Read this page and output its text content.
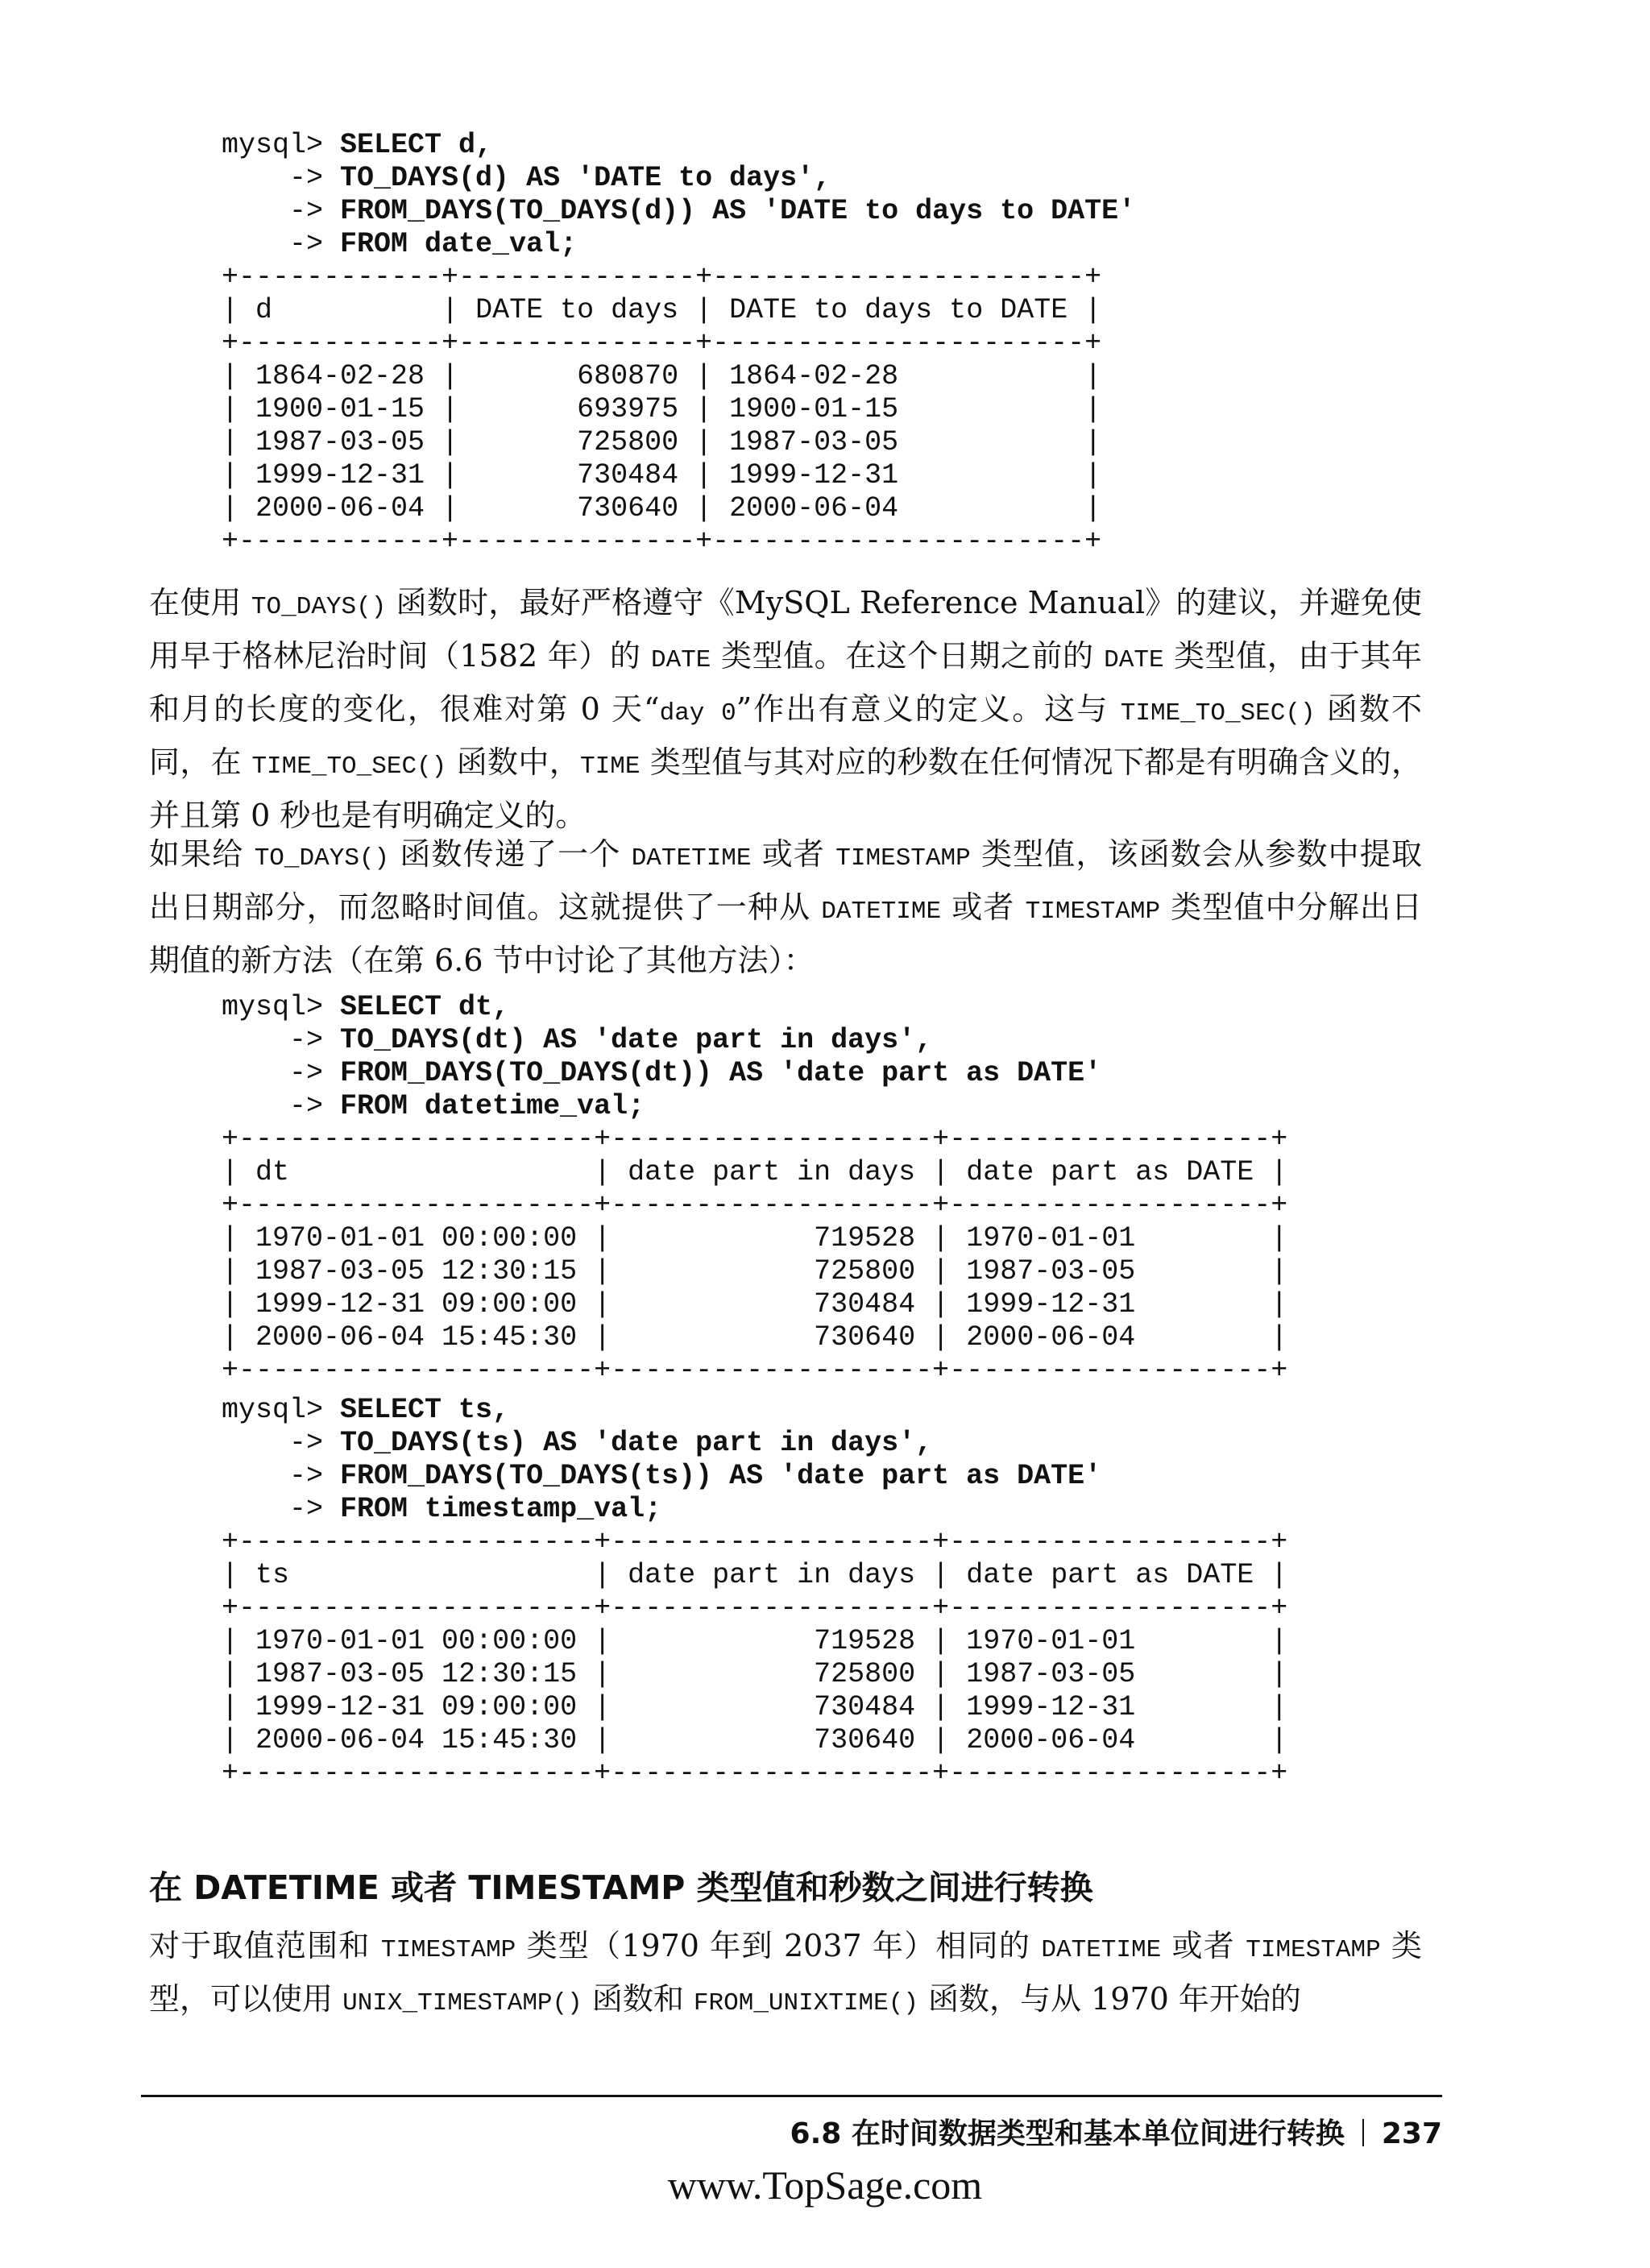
mysql> SELECT d,
-> TO_DAYS(d) AS 'DATE to days',
-> FROM_DAYS(TO_DAYS(d)) AS 'DATE to days to DATE'
-> FROM date_val;
+------------+--------------+----------------------+
| d          | DATE to days | DATE to days to DATE |
+------------+--------------+----------------------+
| 1864-02-28 |       680870 | 1864-02-28           |
| 1900-01-15 |       693975 | 1900-01-15           |
| 1987-03-05 |       725800 | 1987-03-05           |
| 1999-12-31 |       730484 | 1999-12-31           |
| 2000-06-04 |       730640 | 2000-06-04           |
+------------+--------------+----------------------+

在使用 TO_DAYS() 函数时，最好严格遵守《MySQL Reference Manual》的建议，并避免使用早于格林尼治时间（1582 年）的 DATE 类型值。在这个日期之前的 DATE 类型值，由于其年和月的长度的变化，很难对第 0 天“day 0”作出有意义的定义。这与 TIME_TO_SEC() 函数不同，在 TIME_TO_SEC() 函数中，TIME 类型值与其对应的秒数在任何情况下都是有明确含义的，并且第 0 秒也是有明确定义的。

如果给 TO_DAYS() 函数传递了一个 DATETIME 或者 TIMESTAMP 类型值，该函数会从参数中提取出日期部分，而忽略时间值。这就提供了一种从 DATETIME 或者 TIMESTAMP 类型值中分解出日期值的新方法（在第 6.6 节中讨论了其他方法）：

mysql> SELECT dt,
-> TO_DAYS(dt) AS 'date part in days',
-> FROM_DAYS(TO_DAYS(dt)) AS 'date part as DATE'
-> FROM datetime_val;
+---------------------+-------------------+-------------------+
| dt                  | date part in days | date part as DATE |
+---------------------+-------------------+-------------------+
| 1970-01-01 00:00:00 |            719528 | 1970-01-01        |
| 1987-03-05 12:30:15 |            725800 | 1987-03-05        |
| 1999-12-31 09:00:00 |            730484 | 1999-12-31        |
| 2000-06-04 15:45:30 |            730640 | 2000-06-04        |
+---------------------+-------------------+-------------------+

mysql> SELECT ts,
-> TO_DAYS(ts) AS 'date part in days',
-> FROM_DAYS(TO_DAYS(ts)) AS 'date part as DATE'
-> FROM timestamp_val;
+---------------------+-------------------+-------------------+
| ts                  | date part in days | date part as DATE |
+---------------------+-------------------+-------------------+
| 1970-01-01 00:00:00 |            719528 | 1970-01-01        |
| 1987-03-05 12:30:15 |            725800 | 1987-03-05        |
| 1999-12-31 09:00:00 |            730484 | 1999-12-31        |
| 2000-06-04 15:45:30 |            730640 | 2000-06-04        |
+---------------------+-------------------+-------------------+

在 DATETIME 或者 TIMESTAMP 类型值和秒数之间进行转换

对于取值范围和 TIMESTAMP 类型（1970 年到 2037 年）相同的 DATETIME 或者 TIMESTAMP 类型，可以使用 UNIX_TIMESTAMP() 函数和 FROM_UNIXTIME() 函数，与从 1970 年开始的

6.8 在时间数据类型和基本单位间进行转换 237
www.TopSage.com
